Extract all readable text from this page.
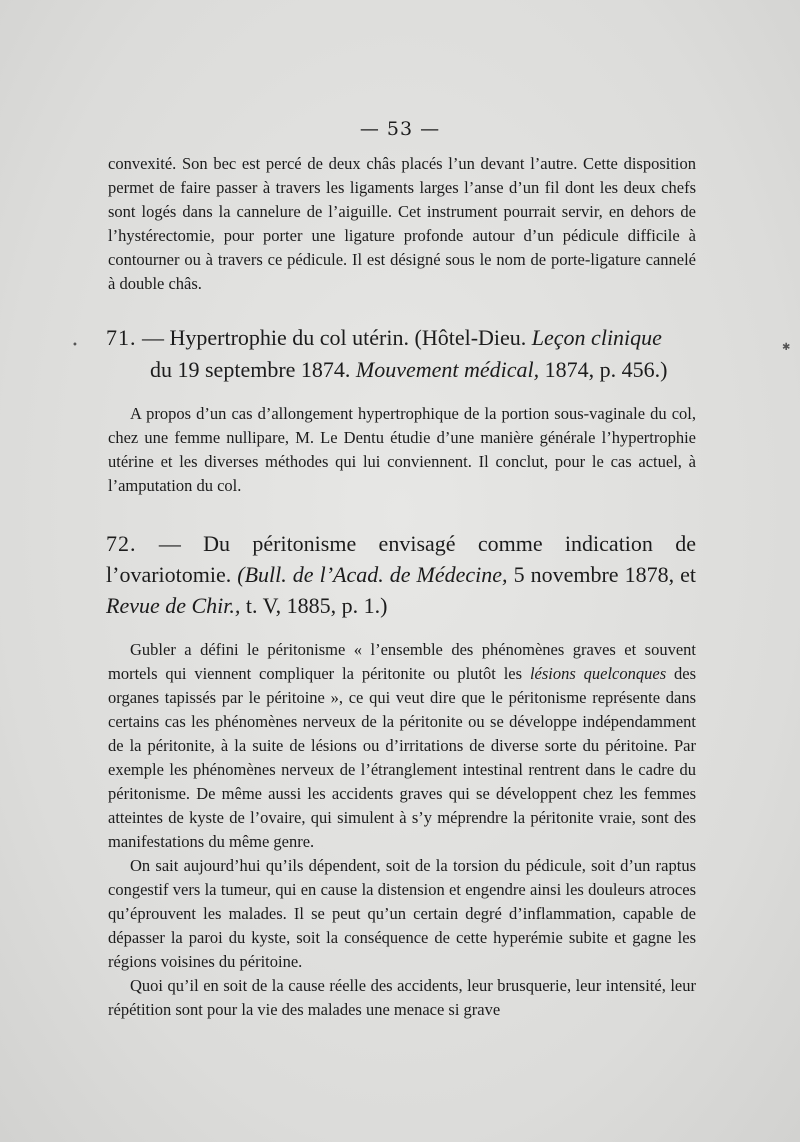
— 53 —

convexité. Son bec est percé de deux châs placés l’un devant l’autre. Cette disposition permet de faire passer à travers les ligaments larges l’anse d’un fil dont les deux chefs sont logés dans la cannelure de l’aiguille. Cet instrument pourrait servir, en dehors de l’hystérectomie, pour porter une ligature profonde autour d’un pédicule difficile à contourner ou à travers ce pédicule. Il est désigné sous le nom de porte-ligature cannelé à double châs.

71. — Hypertrophie du col utérin. (Hôtel-Dieu. Leçon clinique
du 19 septembre 1874. Mouvement médical, 1874, p. 456.)

A propos d’un cas d’allongement hypertrophique de la portion sous-vaginale du col, chez une femme nullipare, M. Le Dentu étudie d’une manière générale l’hypertrophie utérine et les diverses méthodes qui lui conviennent. Il conclut, pour le cas actuel, à l’amputation du col.

72. — Du péritonisme envisagé comme indication de l’ovariotomie. (Bull. de l’Acad. de Médecine, 5 novembre 1878, et Revue de Chir., t. V, 1885, p. 1.)

Gubler a défini le péritonisme « l’ensemble des phénomènes graves et souvent mortels qui viennent compliquer la péritonite ou plutôt les lésions quelconques des organes tapissés par le péritoine », ce qui veut dire que le péritonisme représente dans certains cas les phénomènes nerveux de la péritonite ou se développe indépendamment de la péritonite, à la suite de lésions ou d’irritations de diverse sorte du péritoine. Par exemple les phénomènes nerveux de l’étranglement intestinal rentrent dans le cadre du péritonisme. De même aussi les accidents graves qui se développent chez les femmes atteintes de kyste de l’ovaire, qui simulent à s’y méprendre la péritonite vraie, sont des manifestations du même genre.

On sait aujourd’hui qu’ils dépendent, soit de la torsion du pédicule, soit d’un raptus congestif vers la tumeur, qui en cause la distension et engendre ainsi les douleurs atroces qu’éprouvent les malades. Il se peut qu’un certain degré d’inflammation, capable de dépasser la paroi du kyste, soit la conséquence de cette hyperémie subite et gagne les régions voisines du péritoine.

Quoi qu’il en soit de la cause réelle des accidents, leur brusquerie, leur intensité, leur répétition sont pour la vie des malades une menace si grave

•	✱
